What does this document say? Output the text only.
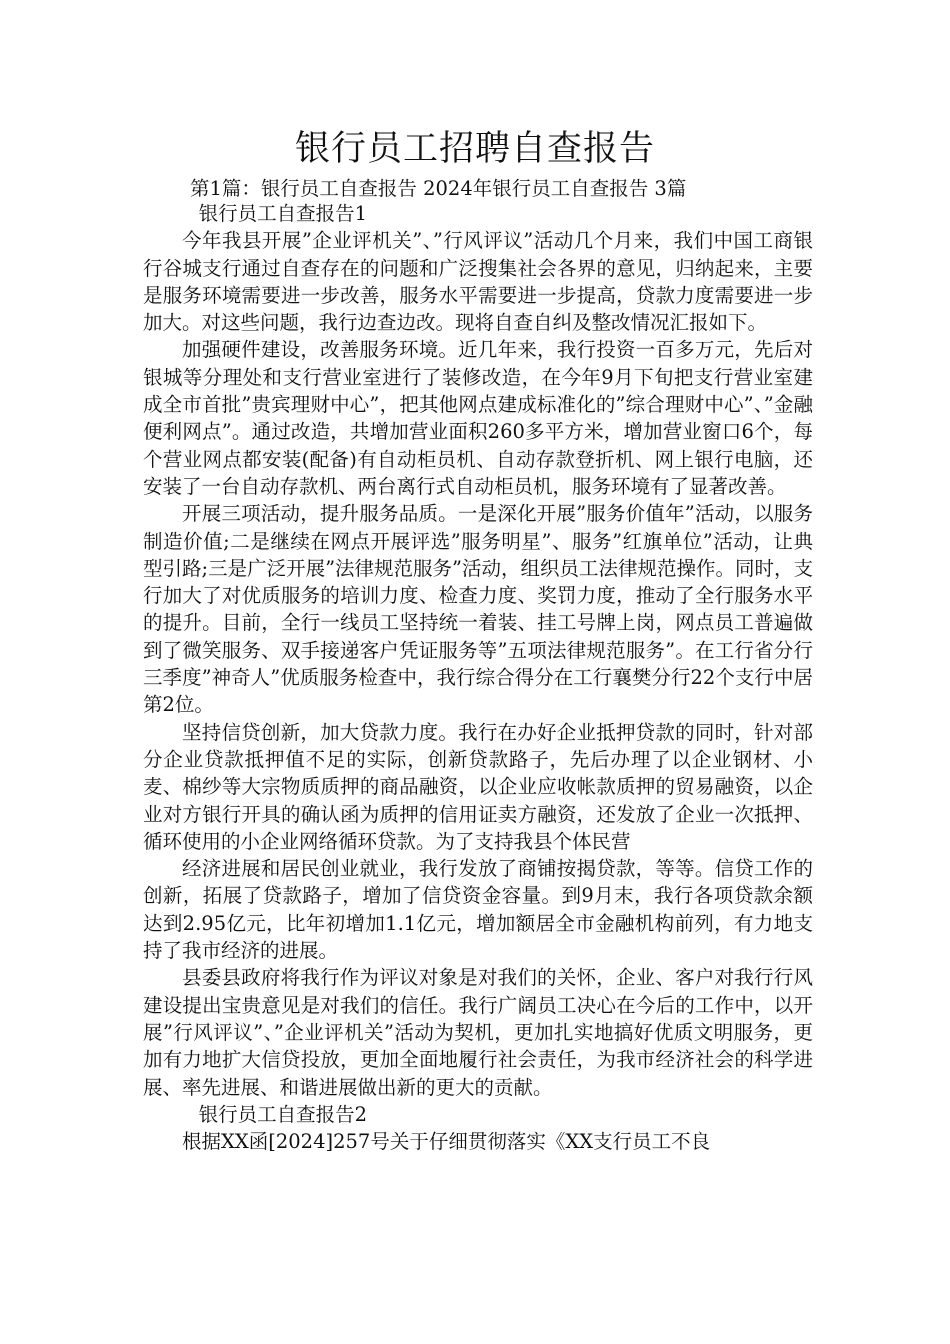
银行员工招聘自查报告

第1篇：银行员工自查报告 2024年银行员工自查报告 3篇

银行员工自查报告1

今年我县开展”企业评机关”、”行风评议”活动几个月来，我们中国工商银行谷城支行通过自查存在的问题和广泛搜集社会各界的意见，归纳起来，主要是服务环境需要进一步改善，服务水平需要进一步提高，贷款力度需要进一步加大。对这些问题，我行边查边改。现将自查自纠及整改情况汇报如下。

加强硬件建设，改善服务环境。近几年来，我行投资一百多万元，先后对银城等分理处和支行营业室进行了装修改造，在今年9月下旬把支行营业室建成全市首批”贵宾理财中心”，把其他网点建成标准化的”综合理财中心”、”金融便利网点”。通过改造，共增加营业面积260多平方米，增加营业窗口6个，每个营业网点都安装(配备)有自动柜员机、自动存款登折机、网上银行电脑，还安装了一台自动存款机、两台离行式自动柜员机，服务环境有了显著改善。

开展三项活动，提升服务品质。一是深化开展”服务价值年”活动，以服务制造价值;二是继续在网点开展评选”服务明星”、服务”红旗单位”活动，让典型引路;三是广泛开展”法律规范服务”活动，组织员工法律规范操作。同时，支行加大了对优质服务的培训力度、检查力度、奖罚力度，推动了全行服务水平的提升。目前，全行一线员工坚持统一着装、挂工号牌上岗，网点员工普遍做到了微笑服务、双手接递客户凭证服务等”五项法律规范服务”。在工行省分行三季度”神奇人”优质服务检查中，我行综合得分在工行襄樊分行22个支行中居第2位。

坚持信贷创新，加大贷款力度。我行在办好企业抵押贷款的同时，针对部分企业贷款抵押值不足的实际，创新贷款路子，先后办理了以企业钢材、小麦、棉纱等大宗物质质押的商品融资，以企业应收帐款质押的贸易融资，以企业对方银行开具的确认函为质押的信用证卖方融资，还发放了企业一次抵押、循环使用的小企业网络循环贷款。为了支持我县个体民营

经济进展和居民创业就业，我行发放了商铺按揭贷款，等等。信贷工作的创新，拓展了贷款路子，增加了信贷资金容量。到9月末，我行各项贷款余额达到2.95亿元，比年初增加1.1亿元，增加额居全市金融机构前列，有力地支持了我市经济的进展。

县委县政府将我行作为评议对象是对我们的关怀，企业、客户对我行行风建设提出宝贵意见是对我们的信任。我行广阔员工决心在今后的工作中，以开展”行风评议”、”企业评机关”活动为契机，更加扎实地搞好优质文明服务，更加有力地扩大信贷投放，更加全面地履行社会责任，为我市经济社会的科学进展、率先进展、和谐进展做出新的更大的贡献。

银行员工自查报告2

根据XX函[2024]257号关于仔细贯彻落实《XX支行员工不良
